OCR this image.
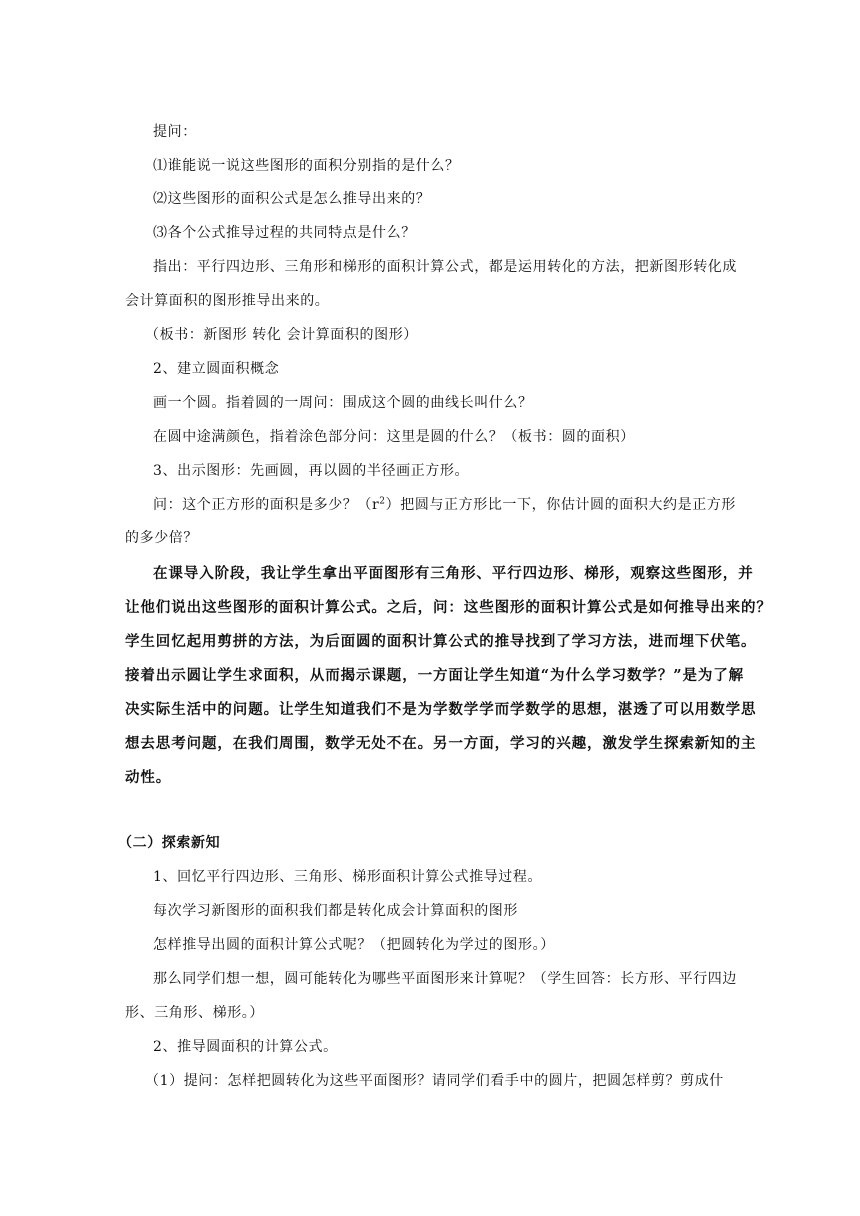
提问：

⑴谁能说一说这些图形的面积分别指的是什么？

⑵这些图形的面积公式是怎么推导出来的？

⑶各个公式推导过程的共同特点是什么？

指出：平行四边形、三角形和梯形的面积计算公式，都是运用转化的方法，把新图形转化成

会计算面积的图形推导出来的。

（板书：新图形 转化 会计算面积的图形）

2、建立圆面积概念

画一个圆。指着圆的一周问：围成这个圆的曲线长叫什么？

在圆中途满颜色，指着涂色部分问：这里是圆的什么？（板书：圆的面积）

3、出示图形：先画圆，再以圆的半径画正方形。

问：这个正方形的面积是多少？$(r^2)$把圆与正方形比一下，你估计圆的面积大约是正方形

的多少倍？

在课导入阶段，我让学生拿出平面图形有三角形、平行四边形、梯形，观察这些图形，并

让他们说出这些图形的面积计算公式。之后，问：这些图形的面积计算公式是如何推导出来的？

学生回忆起用剪拼的方法，为后面圆的面积计算公式的推导找到了学习方法，进而埋下伏笔。

接着出示圆让学生求面积，从而揭示课题，一方面让学生知道“为什么学习数学？”是为了解

决实际生活中的问题。让学生知道我们不是为学数学学而学数学的思想，湛透了可以用数学思

想去思考问题，在我们周围，数学无处不在。另一方面，学习的兴趣，激发学生探索新知的主

动性。

（二）探索新知

1、回忆平行四边形、三角形、梯形面积计算公式推导过程。

每次学习新图形的面积我们都是转化成会计算面积的图形

怎样推导出圆的面积计算公式呢？（把圆转化为学过的图形。）

那么同学们想一想，圆可能转化为哪些平面图形来计算呢？（学生回答：长方形、平行四边

形、三角形、梯形。）

2、推导圆面积的计算公式。

（1）提问：怎样把圆转化为这些平面图形？请同学们看手中的圆片，把圆怎样剪？剪成什
